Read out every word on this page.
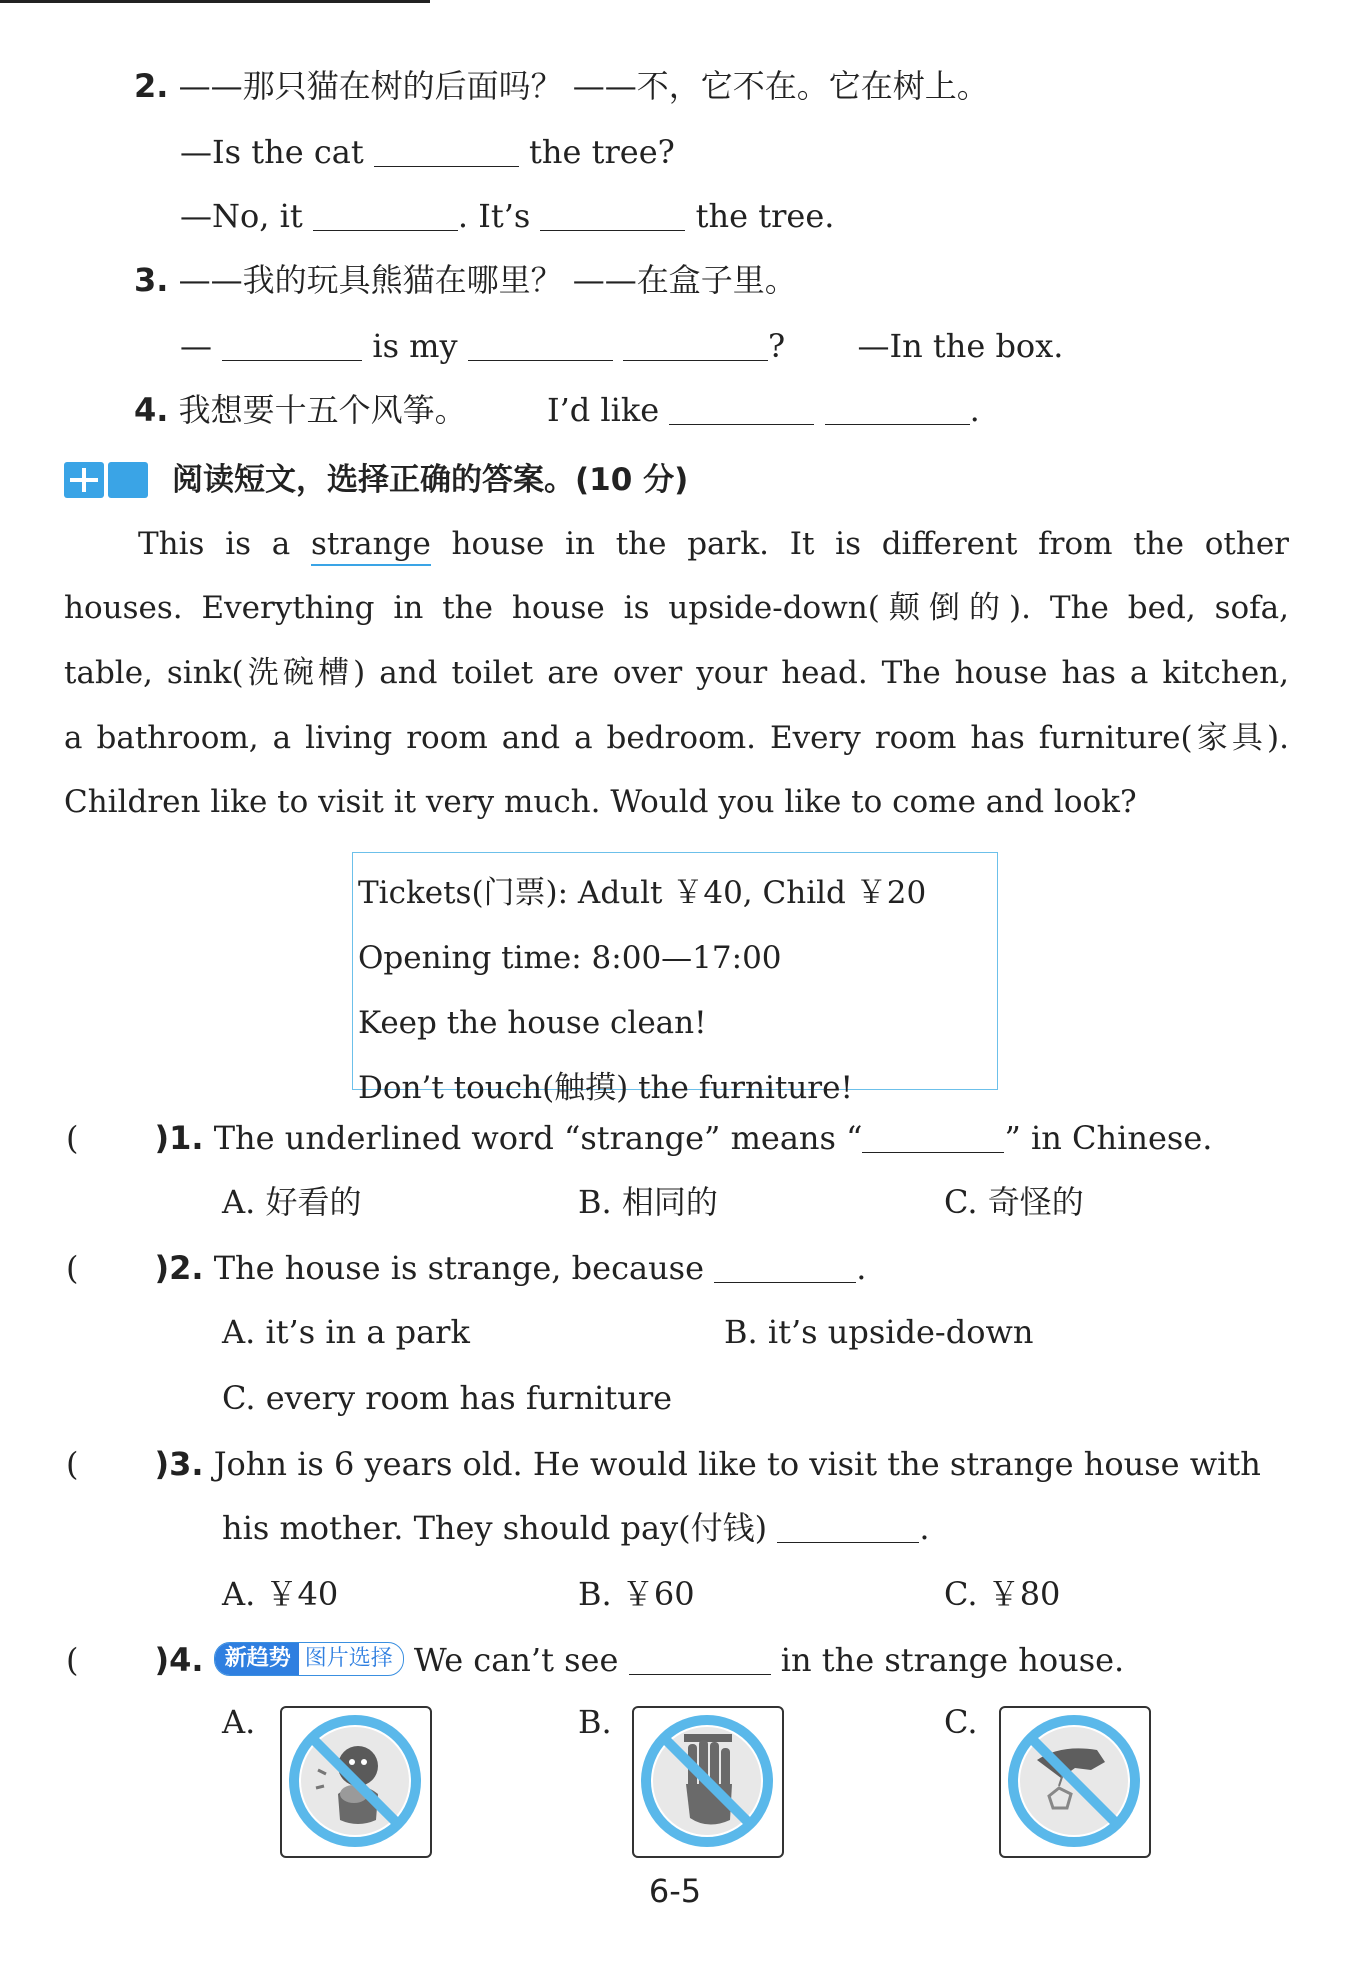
2. ——那只猫在树的后面吗？ ——不，它不在。它在树上。
—Is the cat	the tree?
—No, it	. It’s	the tree.
3. ——我的玩具熊猫在哪里？ ——在盒子里。
—	is my	? —In the box.
4. 我想要十五个风筝。	I’d like	.
阅读短文，选择正确的答案。(10 分)
This is a strange house in the park. It is different from the other
houses. Everything in the house is upside-down(颠倒的). The bed, sofa,
table, sink(洗碗槽) and toilet are over your head. The house has a kitchen,
a bathroom, a living room and a bedroom. Every room has furniture(家具).
Children like to visit it very much. Would you like to come and look?
Tickets(门票): Adult ￥40, Child ￥20
Opening time: 8:00—17:00
Keep the house clean!
Don’t touch(触摸) the furniture!
( )1. The underlined word “strange” means “	” in Chinese.
A. 好看的	B. 相同的	C. 奇怪的
( )2. The house is strange, because	.
A. it’s in a park	B. it’s upside-down
C. every room has furniture
( )3. John is 6 years old. He would like to visit the strange house with
his mother. They should pay(付钱)	.
A. ￥40	B. ￥60	C. ￥80
( )4. 新趋势 图片选择 We can’t see	in the strange house.
A.	B.	C.
6-5
